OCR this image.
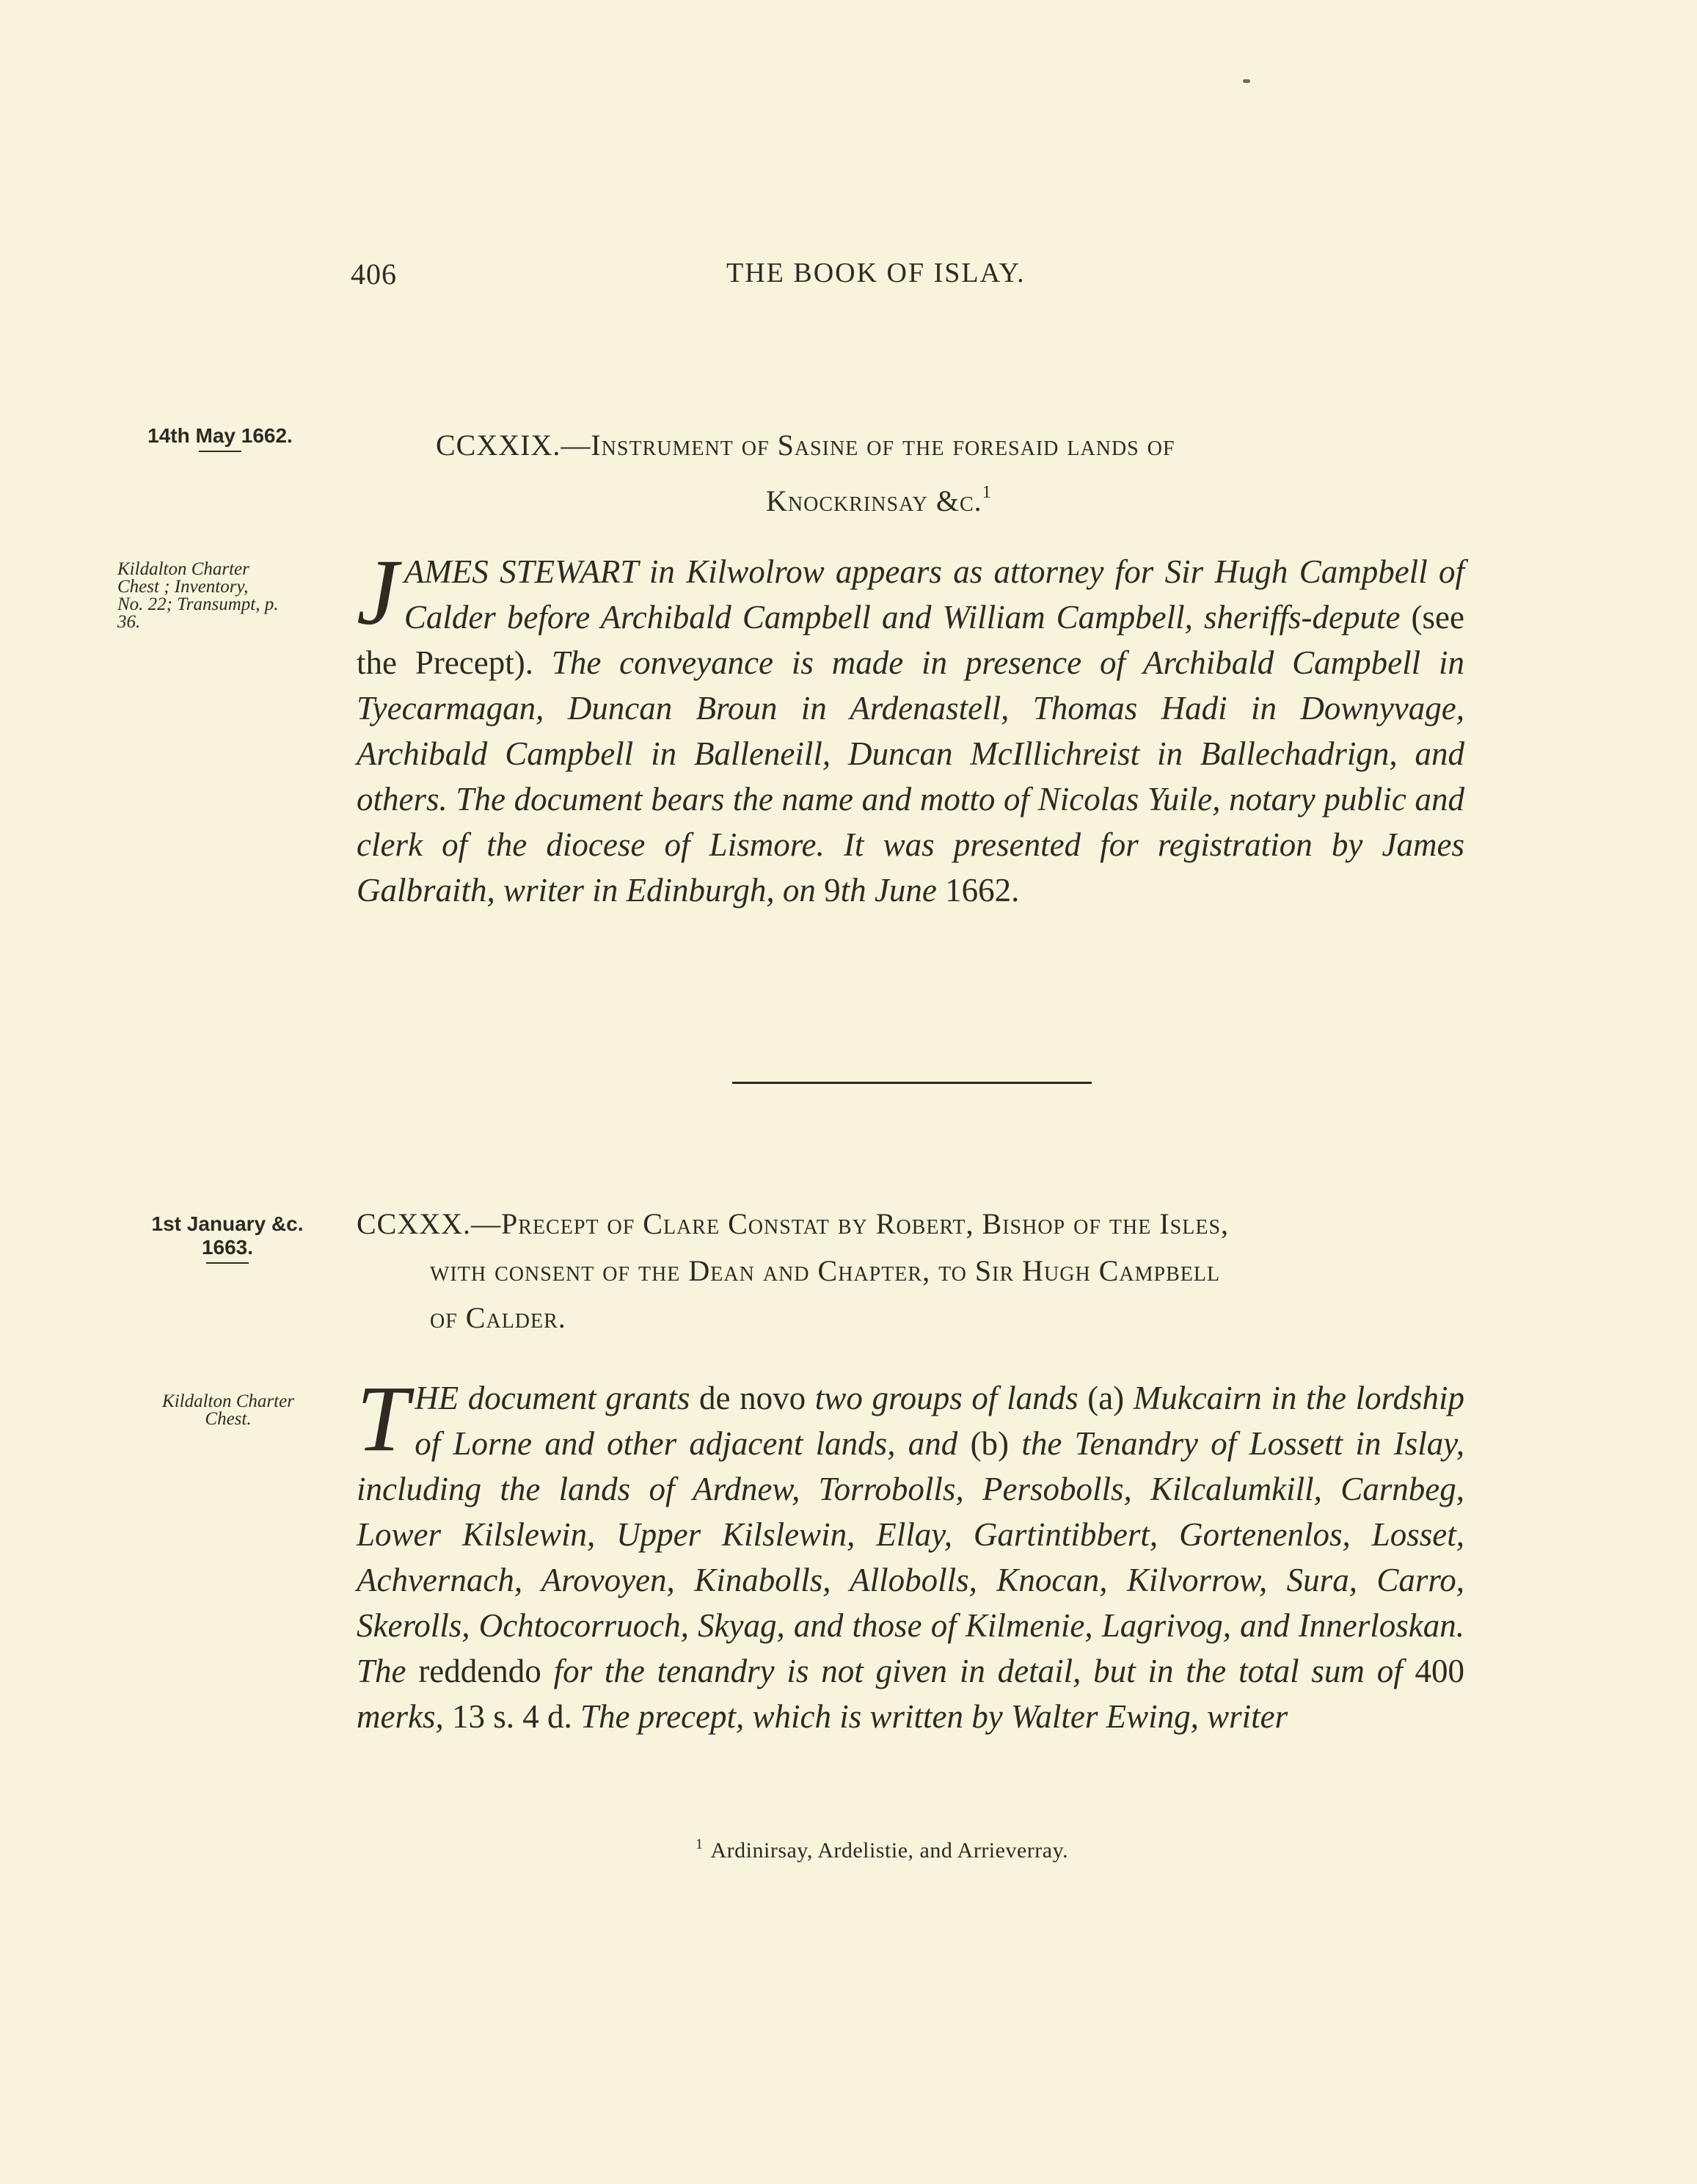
406	THE BOOK OF ISLAY.
14th May 1662.
Kildalton Charter
Chest ; Inventory,
No. 22; Transumpt, p.
36.
CCXXIX.—Instrument of Sasine of the foresaid lands of
Knockrinsay &c.$^1$

JAMES STEWART in Kilwolrow appears as attorney for Sir Hugh Campbell of Calder before Archibald Campbell and William Campbell, sheriffs-depute (see the Precept). The conveyance is made in presence of Archibald Campbell in Tyecarmagan, Duncan Broun in Ardenastell, Thomas Hadi in Downyvage, Archibald Campbell in Balleneill, Duncan McIllichreist in Ballechadrign, and others. The document bears the name and motto of Nicolas Yuile, notary public and clerk of the diocese of Lismore. It was presented for registration by James Galbraith, writer in Edinburgh, on 9th June 1662.

1st January &c.
1663.
Kildalton Charter
Chest.
CCXXX.—Precept of Clare Constat by Robert, Bishop of the Isles,
with consent of the Dean and Chapter, to Sir Hugh Campbell
of Calder.

THE document grants de novo two groups of lands (a) Mukcairn in the lordship of Lorne and other adjacent lands, and (b) the Tenandry of Lossett in Islay, including the lands of Ardnew, Torrobolls, Persobolls, Kilcalumkill, Carnbeg, Lower Kilslewin, Upper Kilslewin, Ellay, Gartintibbert, Gortenenlos, Losset, Achvernach, Arovoyen, Kinabolls, Allobolls, Knocan, Kilvorrow, Sura, Carro, Skerolls, Ochtocorruoch, Skyag, and those of Kilmenie, Lagrivog, and Innerloskan. The reddendo for the tenandry is not given in detail, but in the total sum of 400 merks, 13 s. 4 d. The precept, which is written by Walter Ewing, writer

$^1$ Ardinirsay, Ardelistie, and Arrieverray.
